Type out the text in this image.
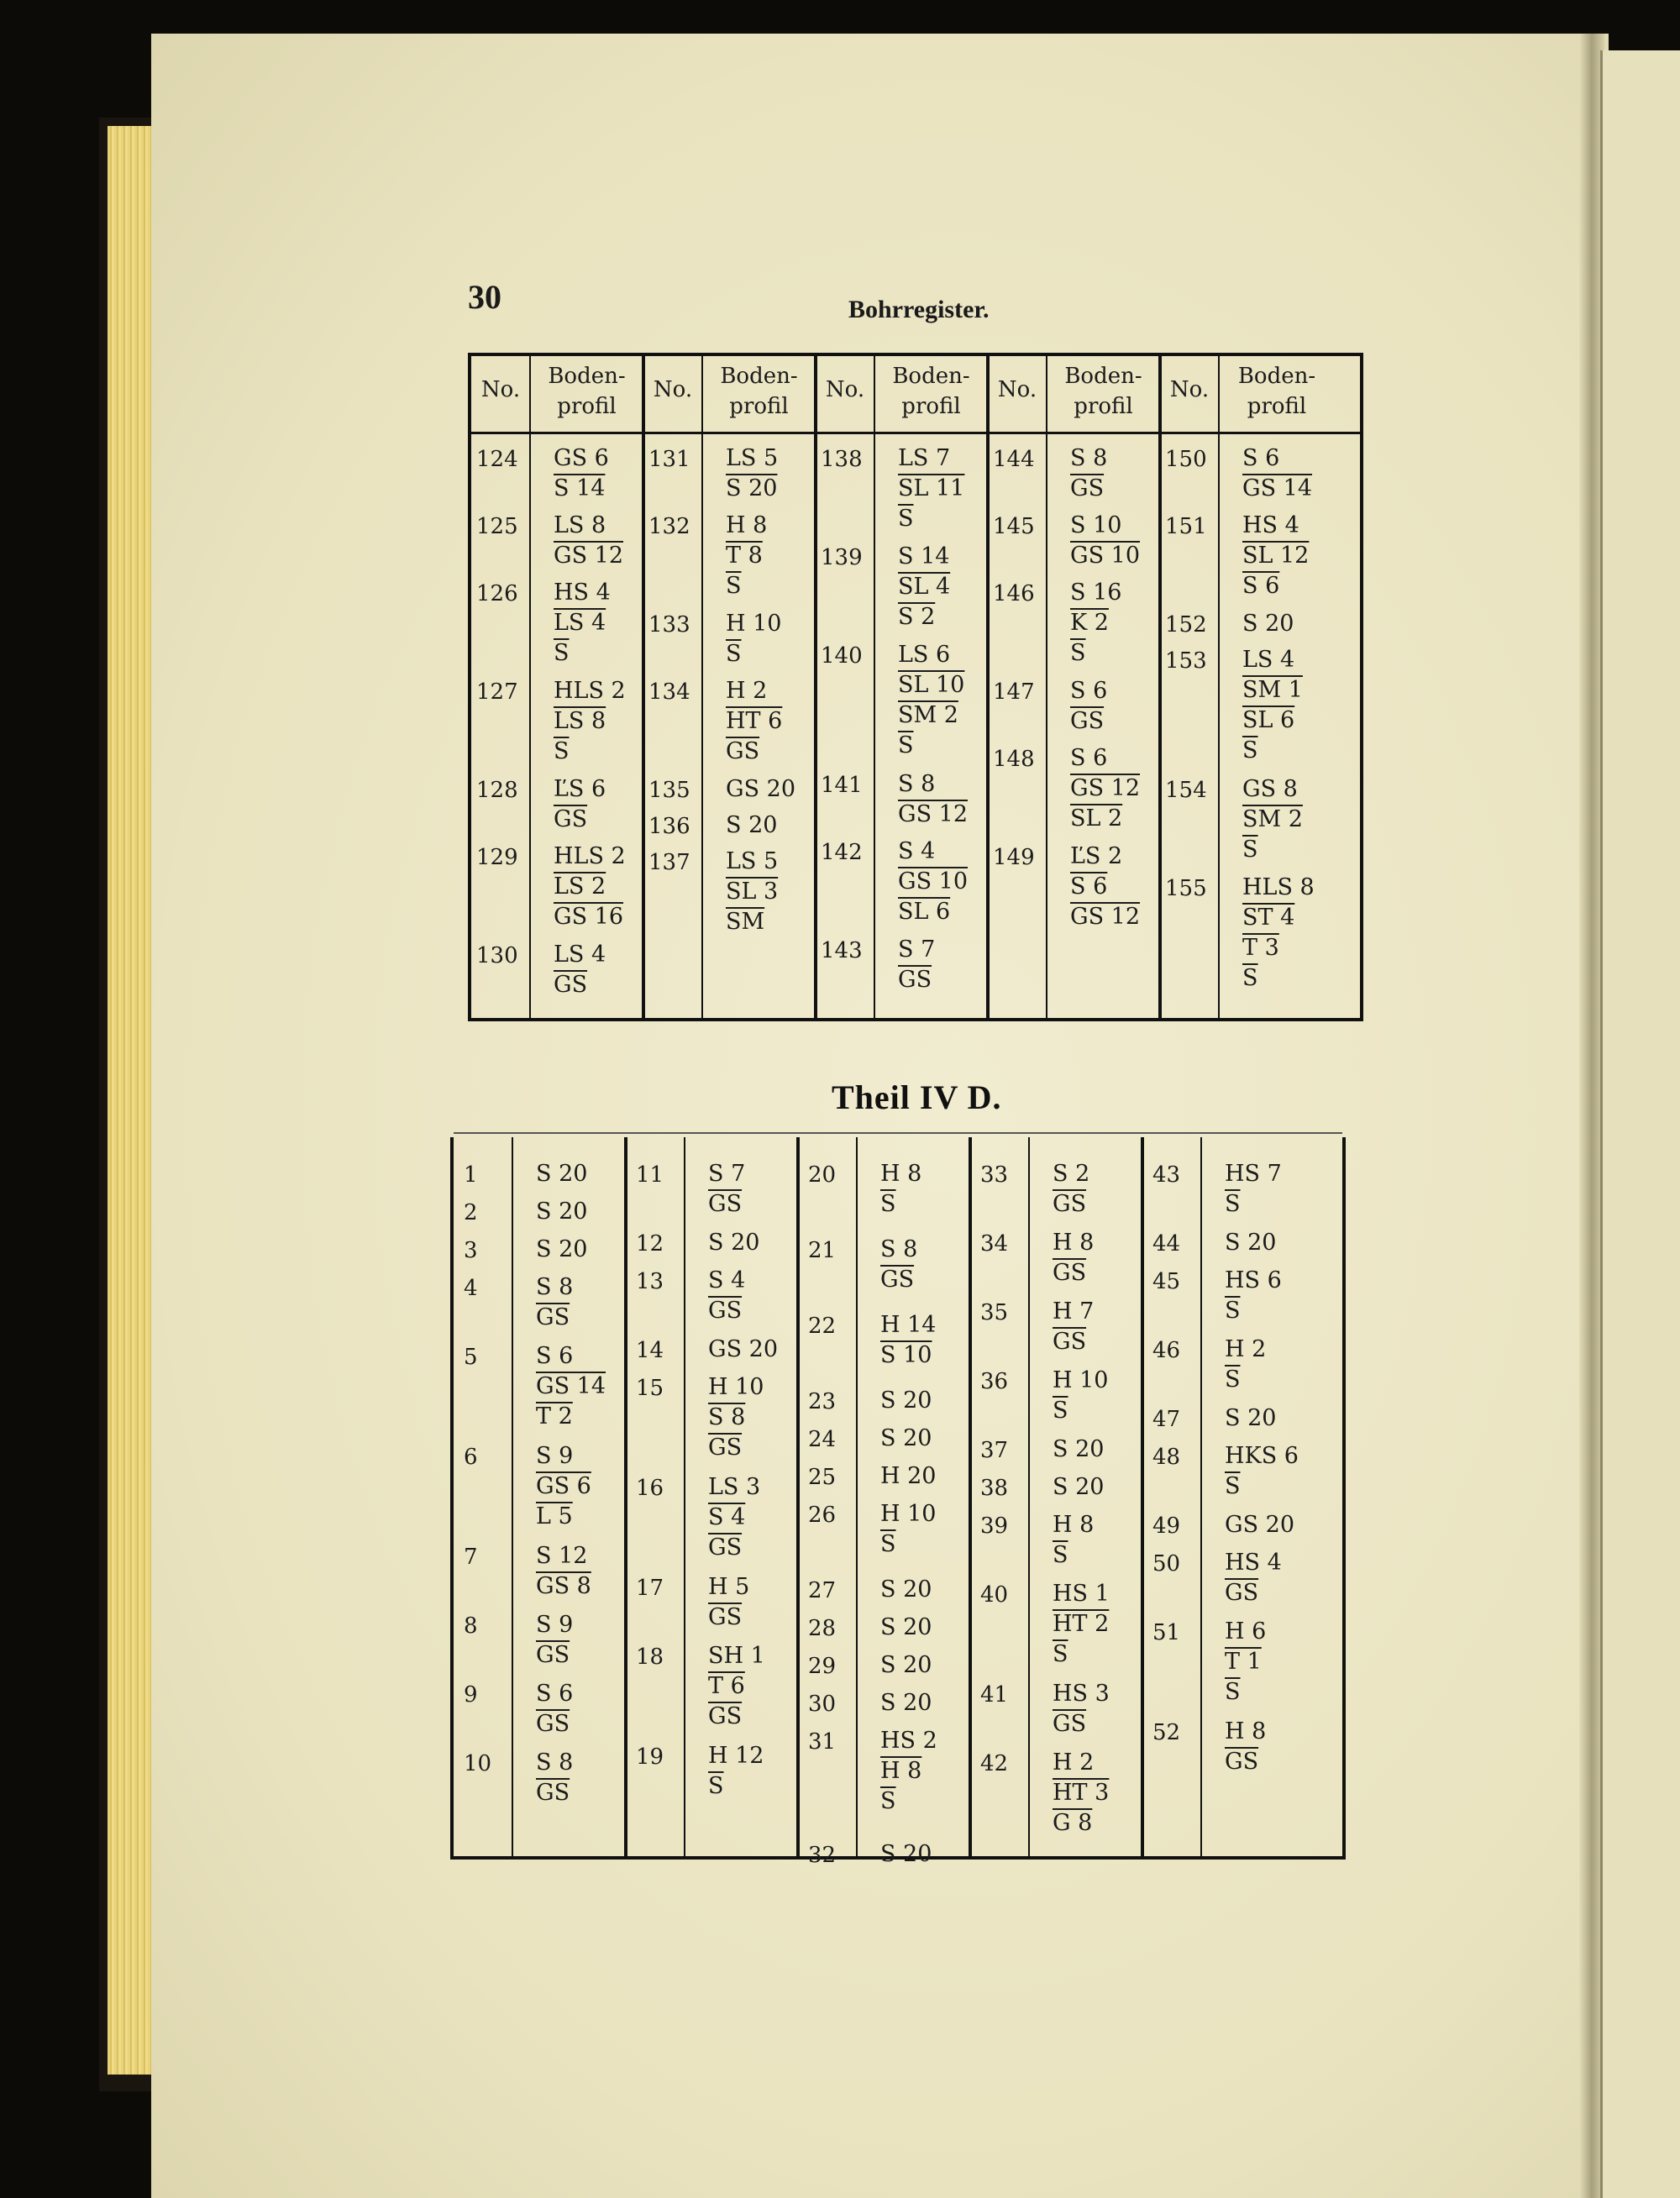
30	Bohrregister.
No.
Boden-
profil
No.
Boden-
profil
No.
Boden-
profil
No.
Boden-
profil
No.
Boden-
profil
124 GS 6
S 14
125 LS 8
GS 12
126 HS 4
LS 4
$\overline{S}$
127 HLS 2
LS 8
$\overline{S}$
128 ĽS 6
$\overline{GS}$
129 HLS 2
LS 2
GS 16
130 LS 4
$\overline{GS}$
131 LS 5
S 20
132 H 8
T 8
$\overline{S}$
133 H 10
$\overline{S}$
134 H 2
HT 6
$\overline{GS}$
135 GS 20
136 S 20
137 LS 5
SL 3
$\overline{SM}$
138 LS 7
SL 11
$\overline{S}$
139 S 14
SL 4
S 2
140 LS 6
SL 10
SM 2
$\overline{S}$
141 S 8
GS 12
142 S 4
GS 10
SL 6
143 S 7
$\overline{GS}$
144 S 8
$\overline{GS}$
145 S 10
GS 10
146 S 16
K 2
$\overline{S}$
147 S 6
$\overline{GS}$
148 S 6
GS 12
SL 2
149 ĽS 2
S 6
GS 12
150 S 6
GS 14
151 HS 4
SL 12
S 6
152 S 20
153 LS 4
SM 1
SL 6
$\overline{S}$
154 GS 8
SM 2
$\overline{S}$
155 HLS 8
ST 4
T 3
$\overline{S}$
Theil IV D.
1	S 20
2	S 20
3	S 20
4	S 8
$\overline{GS}$
5	S 6
GS 14
T 2
6	S 9
GS 6
L 5
7	S 12
GS 8
8	S 9
$\overline{GS}$
9	S 6
$\overline{GS}$
10 S 8
$\overline{GS}$
11 S 7
$\overline{GS}$
12 S 20
13 S 4
$\overline{GS}$
14 GS 20
15 H 10
S 8
$\overline{GS}$
16 LS 3
S 4
$\overline{GS}$
17 H 5
$\overline{GS}$
18 SH 1
T 6
$\overline{GS}$
19 H 12
$\overline{S}$
20 H 8
$\overline{S}$
21 S 8
$\overline{GS}$
22 H 14
S 10
23 S 20
24 S 20
25 H 20
26 H 10
$\overline{S}$
27 S 20
28 S 20
29 S 20
30 S 20
31 HS 2
H 8
$\overline{S}$
32 S 20
33 S 2
$\overline{GS}$
34 H 8
$\overline{GS}$
35 H 7
$\overline{GS}$
36 H 10
$\overline{S}$
37 S 20
38 S 20
39 H 8
$\overline{S}$
40 HS 1
HT 2
$\overline{S}$
41 HS 3
$\overline{GS}$
42 H 2
HT 3
G 8
43 HS 7
$\overline{S}$
44 S 20
45 HS 6
$\overline{S}$
46 H 2
$\overline{S}$
47 S 20
48 HKS 6
$\overline{S}$
49 GS 20
50 HS 4
$\overline{GS}$
51 H 6
T 1
$\overline{S}$
52 H 8
$\overline{GS}$
